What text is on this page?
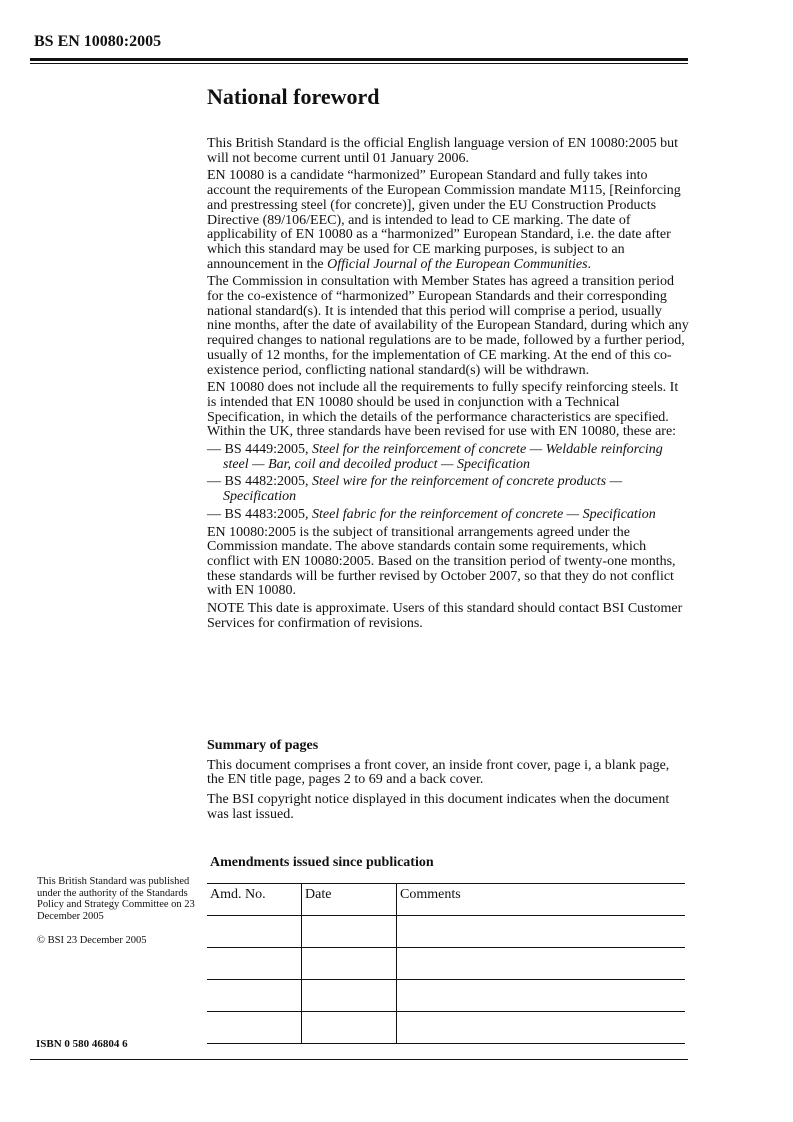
BS EN 10080:2005
National foreword

This British Standard is the official English language version of EN 10080:2005 but will not become current until 01 January 2006.

EN 10080 is a candidate “harmonized” European Standard and fully takes into account the requirements of the European Commission mandate M115, [Reinforcing and prestressing steel (for concrete)], given under the EU Construction Products Directive (89/106/EEC), and is intended to lead to CE marking. The date of applicability of EN 10080 as a “harmonized” European Standard, i.e. the date after which this standard may be used for CE marking purposes, is subject to an announcement in the Official Journal of the European Communities.

The Commission in consultation with Member States has agreed a transition period for the co-existence of “harmonized” European Standards and their corresponding national standard(s). It is intended that this period will comprise a period, usually nine months, after the date of availability of the European Standard, during which any required changes to national regulations are to be made, followed by a further period, usually of 12 months, for the implementation of CE marking. At the end of this co-existence period, conflicting national standard(s) will be withdrawn.

EN 10080 does not include all the requirements to fully specify reinforcing steels. It is intended that EN 10080 should be used in conjunction with a Technical Specification, in which the details of the performance characteristics are specified. Within the UK, three standards have been revised for use with EN 10080, these are:

— BS 4449:2005, Steel for the reinforcement of concrete — Weldable reinforcing steel — Bar, coil and decoiled product — Specification
— BS 4482:2005, Steel wire for the reinforcement of concrete products — Specification
— BS 4483:2005, Steel fabric for the reinforcement of concrete — Specification

EN 10080:2005 is the subject of transitional arrangements agreed under the Commission mandate. The above standards contain some requirements, which conflict with EN 10080:2005. Based on the transition period of twenty-one months, these standards will be further revised by October 2007, so that they do not conflict with EN 10080.

NOTE This date is approximate. Users of this standard should contact BSI Customer Services for confirmation of revisions.

Summary of pages

This document comprises a front cover, an inside front cover, page i, a blank page, the EN title page, pages 2 to 69 and a back cover.

The BSI copyright notice displayed in this document indicates when the document was last issued.

Amendments issued since publication
Amd. No.	Date	Comments

This British Standard was published under the authority of the Standards Policy and Strategy Committee on 23 December 2005

© BSI 23 December 2005

ISBN 0 580 46804 6
